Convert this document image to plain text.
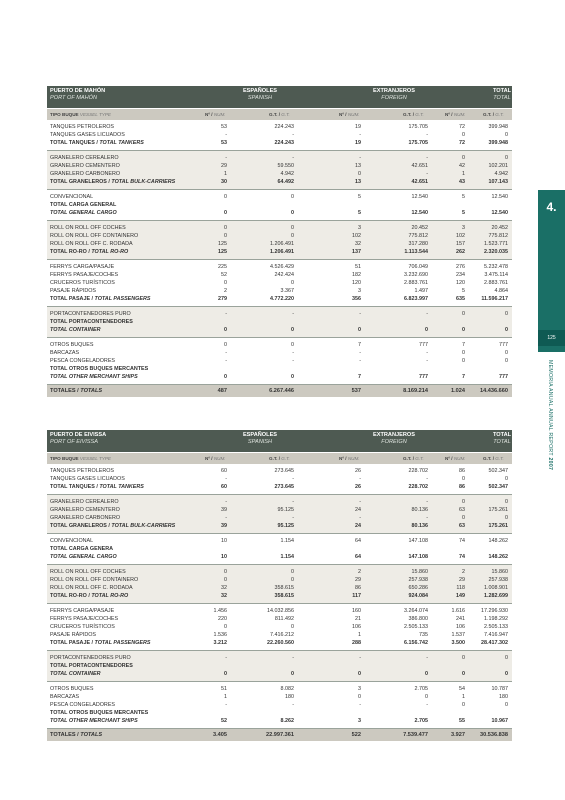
PUERTO DE MAHÓN
PORT OF MAHÓN
ESPAÑOLES
SPANISH
EXTRANJEROS
FOREIGN
TOTAL
TOTAL
TIPO BUQUE VESSEL TYPE	Nº / NUM.	G.T. / G.T.	Nº / NUM.	G.T. / G.T.	Nº / NUM.	G.T. / G.T.
TANQUES PETROLEROS	53	224.243	19	175.705	72	399.948
TANQUES GASES LICUADOS	-	-	-	-	0	0
TOTAL TANQUES / TOTAL TANKERS	53	224.243	19	175.705	72	399.948
GRANELERO CEREALERO	-	-	-	-	0	0
GRANELERO CEMENTERO	29	59.550	13	42.651	42	102.201
GRANELERO CARBONERO	1	4.942	0	-	1	4.942
TOTAL GRANELEROS / TOTAL BULK-CARRIERS	30	64.492	13	42.651	43	107.143
CONVENCIONAL	0	0	5	12.540	5	12.540
TOTAL CARGA GENERAL
TOTAL GENERAL CARGO	0	0	5	12.540	5	12.540
ROLL ON ROLL OFF COCHES	0	0	3	20.452	3	20.452
ROLL ON ROLL OFF CONTAINERO	0	0	102	775.812	102	775.812
ROLL ON ROLL OFF C. RODADA	125	1.206.491	32	317.280	157	1.523.771
TOTAL RO-RO / TOTAL RO-RO	125	1.206.491	137	1.113.544	262	2.320.035
FERRYS CARGA/PASAJE	225	4.526.429	51	706.049	276	5.232.478
FERRYS PASAJE/COCHES	52	242.424	182	3.232.690	234	3.475.114
CRUCEROS TURÍSTICOS	0	0	120	2.883.761	120	2.883.761
PASAJE RÁPIDOS	2	3.367	3	1.497	5	4.864
TOTAL PASAJE / TOTAL PASSENGERS	279	4.772.220	356	6.823.997	635	11.596.217
PORTACONTENEDORES PURO	-	-	-	-	0	0
TOTAL PORTACONTENEDORES
TOTAL CONTAINER	0	0	0	0	0	0
OTROS BUQUES	0	0	7	777	7	777
BARCAZAS	-	-	-	-	0	0
PESCA CONGELADORES	-	-	-	-	0	0
TOTAL OTROS BUQUES MERCANTES
TOTAL OTHER MERCHANT SHIPS	0	0	7	777	7	777
TOTALES / TOTALS	487	6.267.446	537	8.169.214	1.024	14.436.660
PUERTO DE EIVISSA
PORT OF EIVISSA
ESPAÑOLES
SPANISH
EXTRANJEROS
FOREIGN
TOTAL
TOTAL
TIPO BUQUE VESSEL TYPE	Nº / NUM.	G.T. / G.T.	Nº / NUM.	G.T. / G.T.	Nº / NUM.	G.T. / G.T.
TANQUES PETROLEROS	60	273.645	26	228.702	86	502.347
TANQUES GASES LICUADOS	-	-	-	-	0	0
TOTAL TANQUES / TOTAL TANKERS	60	273.645	26	228.702	86	502.347
GRANELERO CEREALERO	-	-	-	-	0	0
GRANELERO CEMENTERO	39	95.125	24	80.136	63	175.261
GRANELERO CARBONERO	-	-	-	-	0	0
TOTAL GRANELEROS / TOTAL BULK-CARRIERS	39	95.125	24	80.136	63	175.261
CONVENCIONAL	10	1.154	64	147.108	74	148.262
TOTAL CARGA GENERA
TOTAL GENERAL CARGO	10	1.154	64	147.108	74	148.262
ROLL ON ROLL OFF COCHES	0	0	2	15.860	2	15.860
ROLL ON ROLL OFF CONTAINERO	0	0	29	257.938	29	257.938
ROLL ON ROLL OFF C. RODADA	32	358.615	86	650.286	118	1.008.901
TOTAL RO-RO / TOTAL RO-RO	32	358.615	117	924.084	149	1.282.699
FERRYS CARGA/PASAJE	1.456	14.032.856	160	3.264.074	1.616	17.296.930
FERRYS PASAJE/COCHES	220	811.492	21	386.800	241	1.198.292
CRUCEROS TURÍSTICOS	0	0	106	2.505.133	106	2.505.133
PASAJE RÁPIDOS	1.536	7.416.212	1	735	1.537	7.416.947
TOTAL PASAJE / TOTAL PASSENGERS	3.212	22.260.560	288	6.156.742	3.500	28.417.302
PORTACONTENEDORES PURO	-	-	-	-	0	0
TOTAL PORTACONTENEDORES
TOTAL CONTAINER	0	0	0	0	0	0
OTROS BUQUES	51	8.082	3	2.705	54	10.787
BARCAZAS	1	180	0	0	1	180
PESCA CONGELADORES	-	-	-	-	0	0
TOTAL OTROS BUQUES MERCANTES
TOTAL OTHER MERCHANT SHIPS	52	8.262	3	2.705	55	10.967
TOTALES / TOTALS	3.405	22.997.361	522	7.539.477	3.927	30.536.838
4.
125
MEMORIA ANUAL ANNUAL REPORT 2007
